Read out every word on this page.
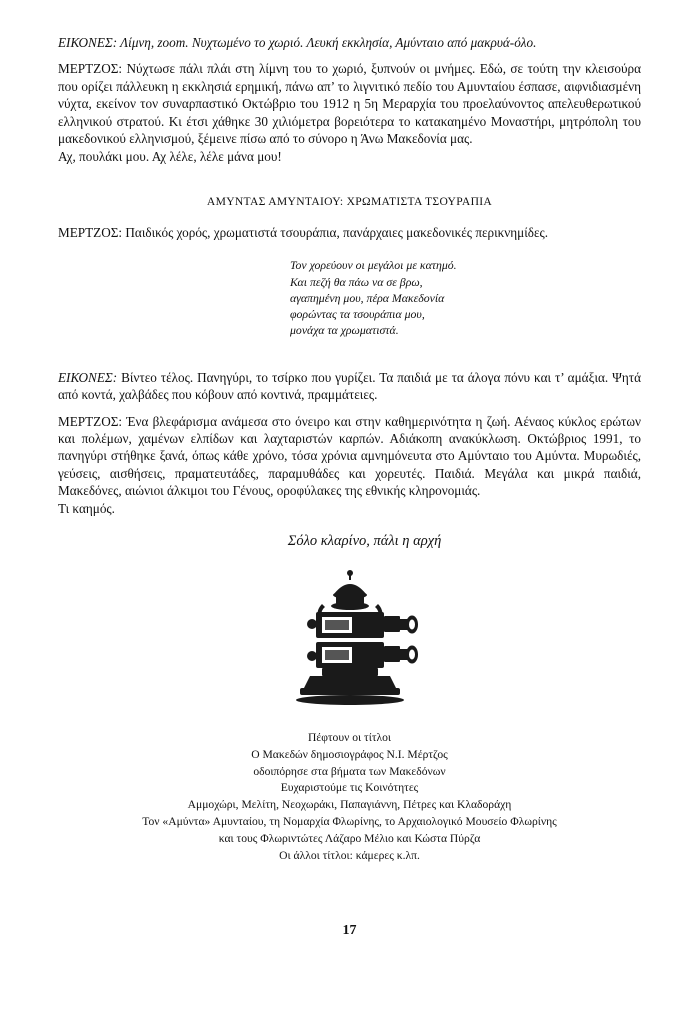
ΕΙΚΟΝΕΣ: Λίμνη, zoom. Νυχτωμένο το χωριό. Λευκή εκκλησία, Αμύνταιο από μακρυά-όλο.

ΜΕΡΤΖΟΣ: Νύχτωσε πάλι πλάι στη λίμνη του το χωριό, ξυπνούν οι μνήμες. Εδώ, σε τούτη την κλεισούρα που ορίζει πάλλευκη η εκκλησιά ερημική, πάνω απ’ το λιγνιτικό πεδίο του Αμυνταίου έσπασε, αιφνιδιασμένη νύχτα, εκείνον τον συναρπαστικό Οκτώβριο του 1912 η 5η Μεραρχία του προελαύνοντος απελευθερωτικού ελληνικού στρατού. Κι έτσι χάθηκε 30 χιλιόμετρα βορειότερα το κατακαημένο Μοναστήρι, μητρόπολη του μακεδονικού ελληνισμού, ξέμεινε πίσω από το σύνορο η Άνω Μακεδονία μας.

Αχ, πουλάκι μου. Αχ λέλε, λέλε μάνα μου!

ΑΜΥΝΤΑΣ ΑΜΥΝΤΑΙΟΥ: ΧΡΩΜΑΤΙΣΤΑ ΤΣΟΥΡΑΠΙΑ

ΜΕΡΤΖΟΣ: Παιδικός χορός, χρωματιστά τσουράπια, πανάρχαιες μακεδονικές περικνημίδες.

Τον χορεύουν οι μεγάλοι με κατημό.
Και πεζή θα πάω να σε βρω,
αγαπημένη μου, πέρα Μακεδονία
φορώντας τα τσουράπια μου,
μονάχα τα χρωματιστά.

ΕΙΚΟΝΕΣ: Βίντεο τέλος. Πανηγύρι, το τσίρκο που γυρίζει. Τα παιδιά με τα άλογα πόνυ και τ’ αμάξια. Ψητά από κοντά, χαλβάδες που κόβουν από κοντινά, πραμμάτειες.

ΜΕΡΤΖΟΣ: Ένα βλεφάρισμα ανάμεσα στο όνειρο και στην καθημερινότητα η ζωή. Αέναος κύκλος ερώτων και πολέμων, χαμένων ελπίδων και λαχταριστών καρπών. Αδιάκοπη ανακύκλωση. Οκτώβριος 1991, το πανηγύρι στήθηκε ξανά, όπως κάθε χρόνο, τόσα χρόνια αμνημόνευτα στο Αμύνταιο του Αμύντα. Μυρωδιές, γεύσεις, αισθήσεις, πραματευτάδες, παραμυθάδες και χορευτές. Παιδιά. Μεγάλα και μικρά παιδιά, Μακεδόνες, αιώνιοι άλκιμοι του Γένους, οροφύλακες της εθνικής κληρονομιάς.

Τι καημός.

Σόλο κλαρίνο, πάλι η αρχή

Πέφτουν οι τίτλοι
Ο Μακεδών δημοσιογράφος Ν.Ι. Μέρτζος
οδοιπόρησε στα βήματα των Μακεδόνων
Ευχαριστούμε τις Κοινότητες
Αμμοχώρι, Μελίτη, Νεοχωράκι, Παπαγιάννη, Πέτρες και Κλαδοράχη
Τον «Αμύντα» Αμυνταίου, τη Νομαρχία Φλωρίνης, το Αρχαιολογικό Μουσείο Φλωρίνης
και τους Φλωριντώτες Λάζαρο Μέλιο και Κώστα Πύρζα
Οι άλλοι τίτλοι: κάμερες κ.λπ.
17
